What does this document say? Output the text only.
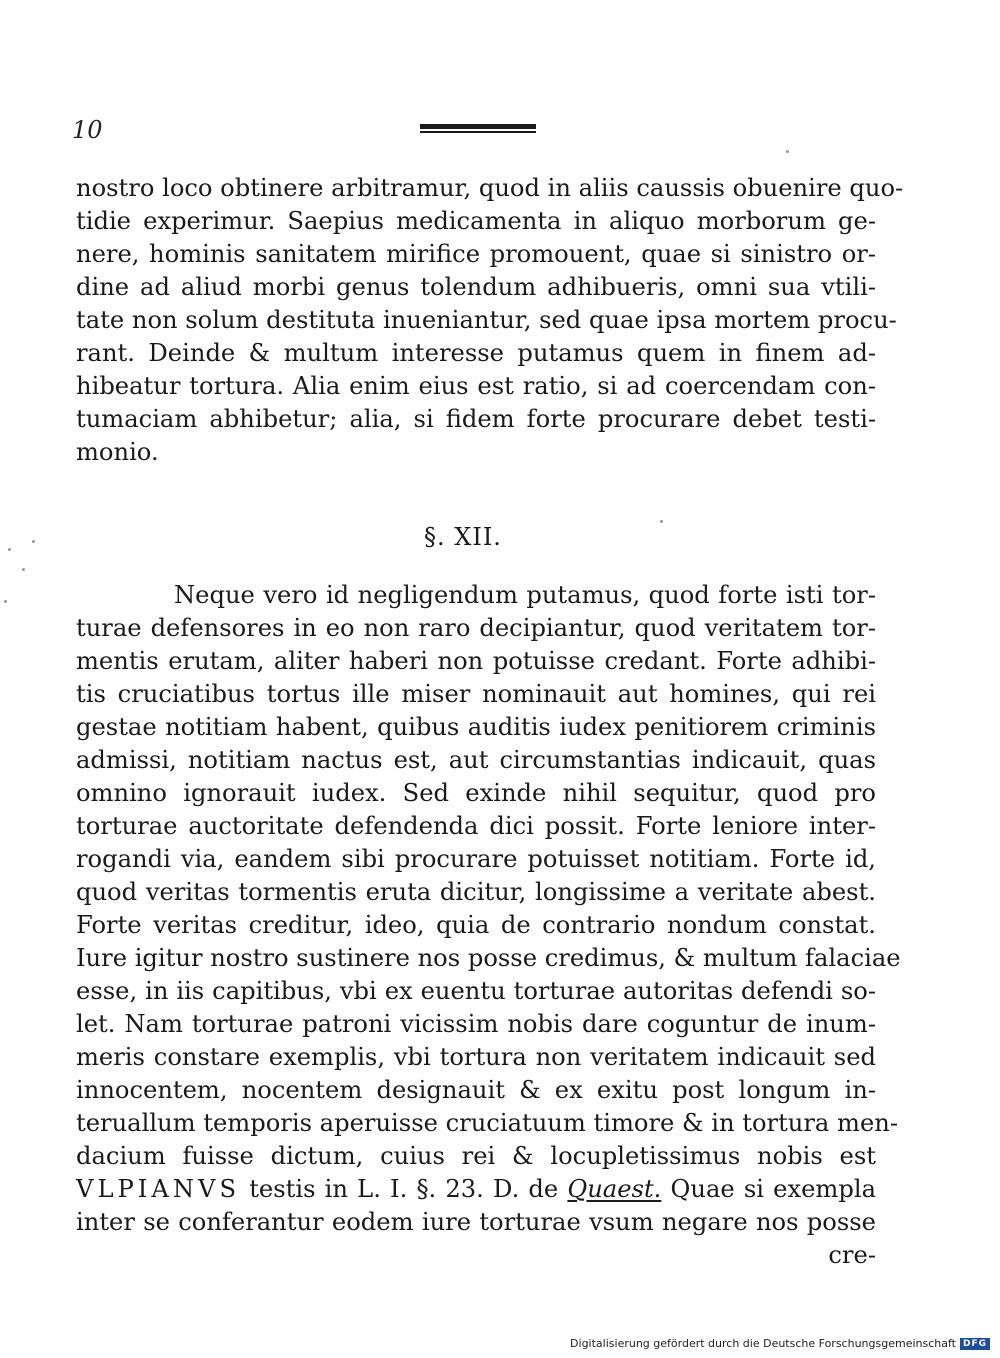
10
nostro loco obtinere arbitramur, quod in aliis caussis obuenire quo-
tidie experimur. Saepius medicamenta in aliquo morborum ge-
nere, hominis sanitatem mirifice promouent, quae si sinistro or-
dine ad aliud morbi genus tolendum adhibueris, omni sua vtili-
tate non solum destituta inueniantur, sed quae ipsa mortem procu-
rant. Deinde & multum interesse putamus quem in finem ad-
hibeatur tortura. Alia enim eius est ratio, si ad coercendam con-
tumaciam abhibetur; alia, si fidem forte procurare debet testi-
monio.
§. XII.
Neque vero id negligendum putamus, quod forte isti tor-
turae defensores in eo non raro decipiantur, quod veritatem tor-
mentis erutam, aliter haberi non potuisse credant. Forte adhibi-
tis cruciatibus tortus ille miser nominauit aut homines, qui rei
gestae notitiam habent, quibus auditis iudex penitiorem criminis
admissi, notitiam nactus est, aut circumstantias indicauit, quas
omnino ignorauit iudex. Sed exinde nihil sequitur, quod pro
torturae auctoritate defendenda dici possit. Forte leniore inter-
rogandi via, eandem sibi procurare potuisset notitiam. Forte id,
quod veritas tormentis eruta dicitur, longissime a veritate abest.
Forte veritas creditur, ideo, quia de contrario nondum constat.
Iure igitur nostro sustinere nos posse credimus, & multum falaciae
esse, in iis capitibus, vbi ex euentu torturae autoritas defendi so-
let. Nam torturae patroni vicissim nobis dare coguntur de inum-
meris constare exemplis, vbi tortura non veritatem indicauit sed
innocentem, nocentem designauit & ex exitu post longum in-
teruallum temporis aperuisse cruciatuum timore & in tortura men-
dacium fuisse dictum, cuius rei & locupletissimus nobis est
VLPIANVS testis in L. I. §. 23. D. de Quaest. Quae si exempla
inter se conferantur eodem iure torturae vsum negare nos posse
cre-
Digitalisierung gefördert durch die Deutsche Forschungsgemeinschaft DFG
